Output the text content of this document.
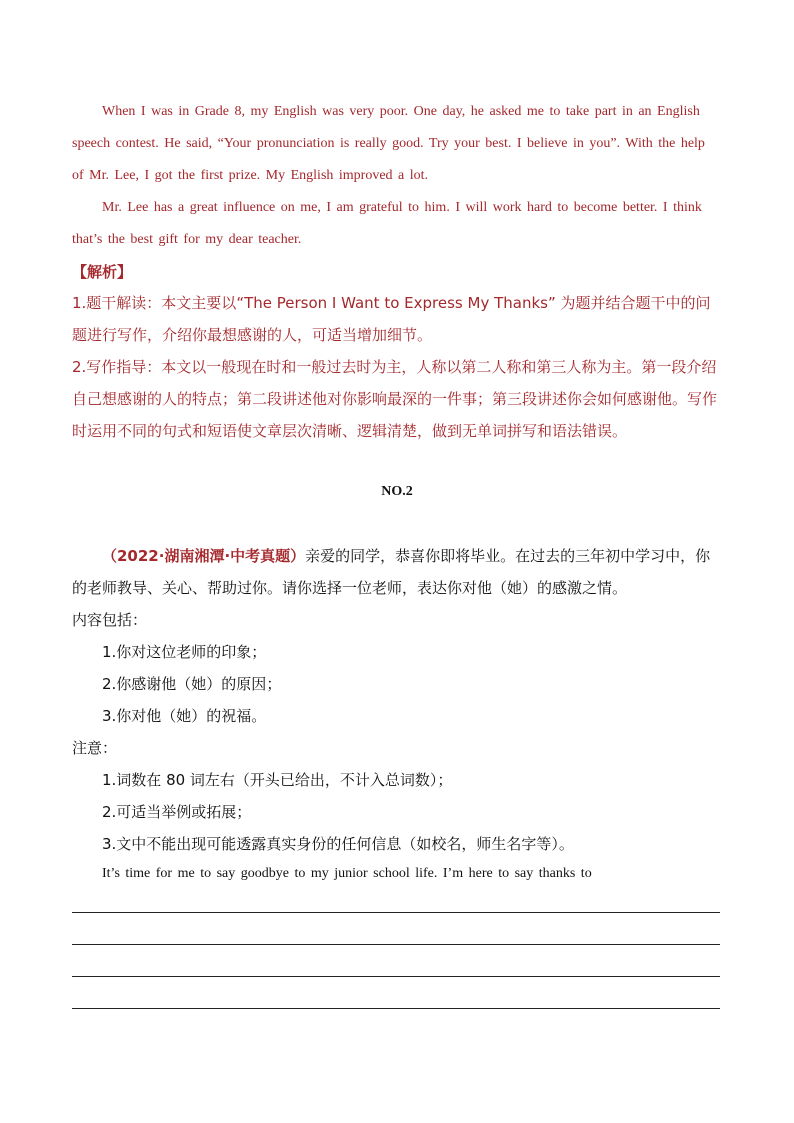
When I was in Grade 8, my English was very poor. One day, he asked me to take part in an English speech contest. He said, “Your pronunciation is really good. Try your best. I believe in you”. With the help of Mr. Lee, I got the first prize. My English improved a lot.
Mr. Lee has a great influence on me, I am grateful to him. I will work hard to become better. I think that’s the best gift for my dear teacher.
【解析】
1.题干解读：本文主要以“The Person I Want to Express My Thanks” 为题并结合题干中的问题进行写作，介绍你最想感谢的人，可适当增加细节。
2.写作指导：本文以一般现在时和一般过去时为主，人称以第二人称和第三人称为主。第一段介绍自己想感谢的人的特点；第二段讲述他对你影响最深的一件事；第三段讲述你会如何感谢他。写作时运用不同的句式和短语使文章层次清晰、逻辑清楚，做到无单词拼写和语法错误。
NO.2
（2022·湖南湘潭·中考真题）亲爱的同学，恭喜你即将毕业。在过去的三年初中学习中，你的老师教导、关心、帮助过你。请你选择一位老师，表达你对他（她）的感激之情。
内容包括：
1.你对这位老师的印象；
2.你感谢他（她）的原因；
3.你对他（她）的祝福。
注意：
1.词数在 80 词左右（开头已给出，不计入总词数）；
2.可适当举例或拓展；
3.文中不能出现可能透露真实身份的任何信息（如校名，师生名字等）。
It’s time for me to say goodbye to my junior school life. I’m here to say thanks to
